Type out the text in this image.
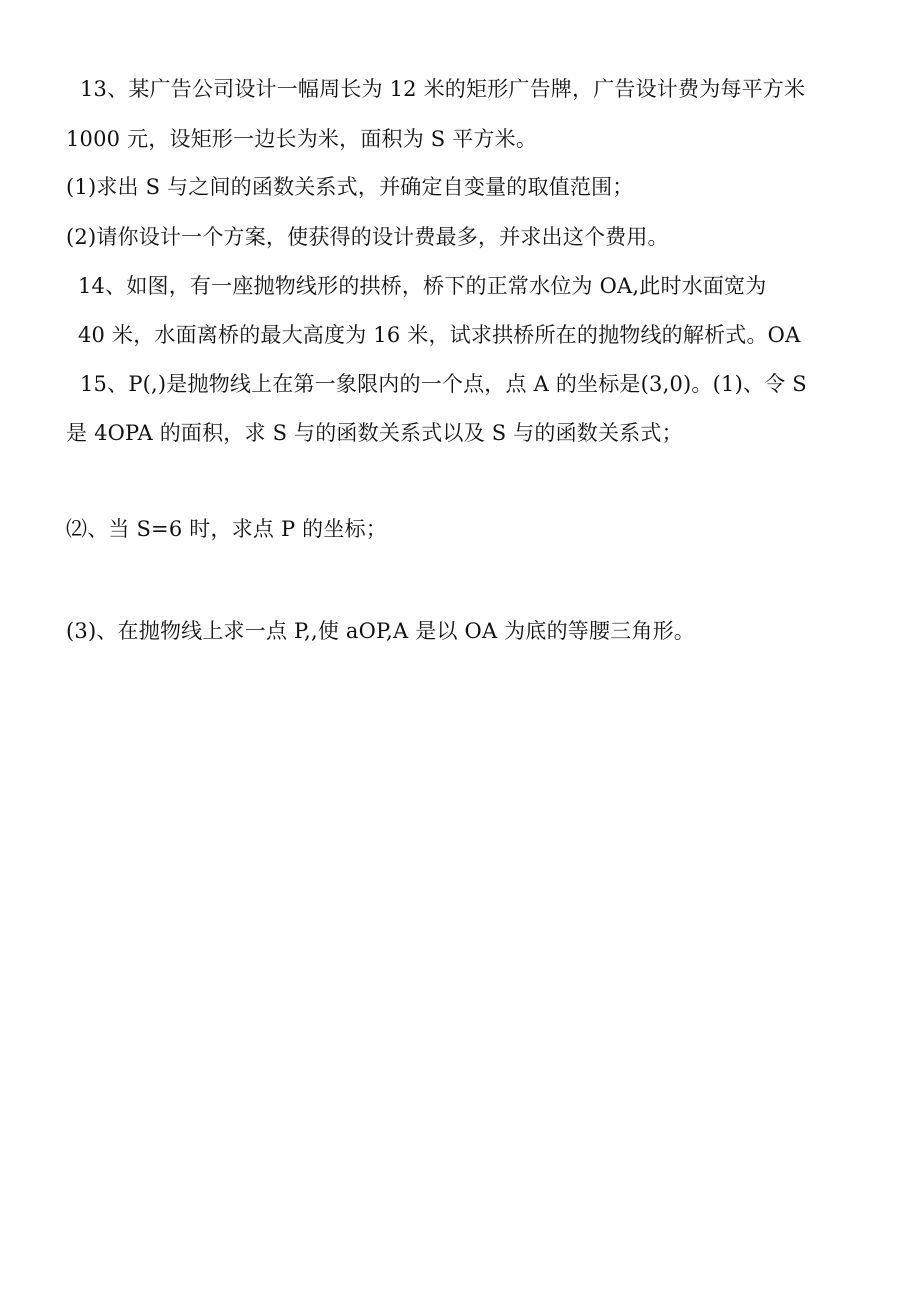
13、某广告公司设计一幅周长为 12 米的矩形广告牌，广告设计费为每平方米
1000 元，设矩形一边长为米，面积为 S 平方米。
(1)求出 S 与之间的函数关系式，并确定自变量的取值范围；
(2)请你设计一个方案，使获得的设计费最多，并求出这个费用。
14、如图，有一座抛物线形的拱桥，桥下的正常水位为 OA,此时水面宽为
40 米，水面离桥的最大高度为 16 米，试求拱桥所在的抛物线的解析式。OA
15、P(,)是抛物线上在第一象限内的一个点，点 A 的坐标是(3,0)。(1)、令 S
是 4OPA 的面积，求 S 与的函数关系式以及 S 与的函数关系式；
⑵、当 S=6 时，求点 P 的坐标；
(3)、在抛物线上求一点 P,,使 aOP,A 是以 OA 为底的等腰三角形。
